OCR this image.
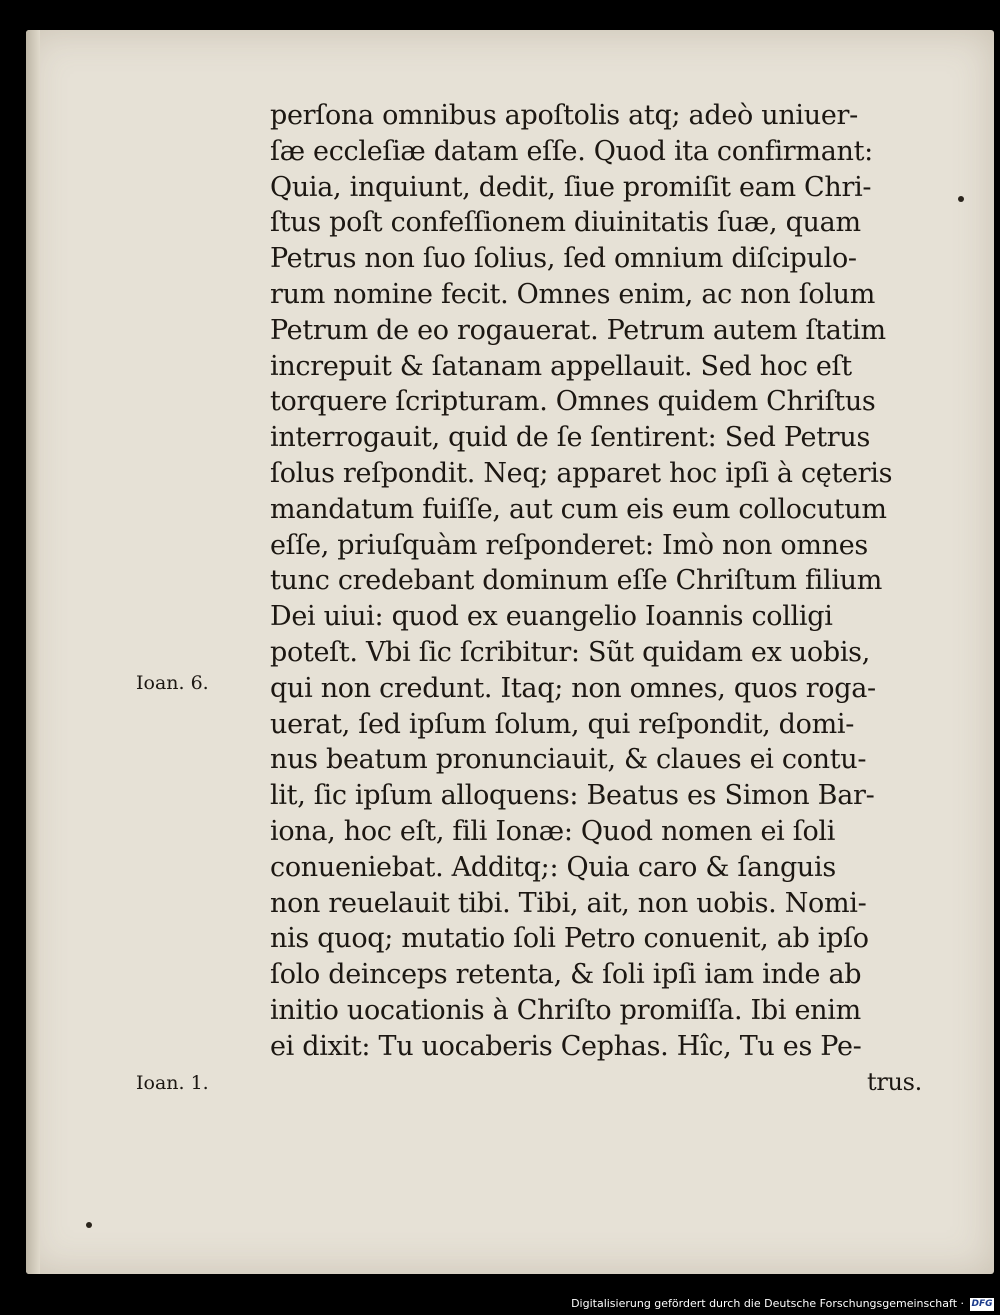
perſona omnibus apoſtolis atq; adeò uniuer-
ſæ eccleſiæ datam eſſe. Quod ita confirmant:
Quia, inquiunt, dedit, ſiue promiſit eam Chri-
ſtus poſt confeſſionem diuinitatis ſuæ, quam
Petrus non ſuo ſolius, ſed omnium diſcipulo-
rum nomine fecit. Omnes enim, ac non ſolum
Petrum de eo rogauerat. Petrum autem ſtatim
increpuit & ſatanam appellauit. Sed hoc eſt
torquere ſcripturam. Omnes quidem Chriſtus
interrogauit, quid de ſe ſentirent: Sed Petrus
ſolus reſpondit. Neq; apparet hoc ipſi à cęteris
mandatum fuiſſe, aut cum eis eum collocutum
eſſe, priuſquàm reſponderet: Imò non omnes
tunc credebant dominum eſſe Chriſtum filium
Dei uiui: quod ex euangelio Ioannis colligi
poteſt. Vbi ſic ſcribitur: Sũt quidam ex uobis,
qui non credunt. Itaq; non omnes, quos roga-
uerat, ſed ipſum ſolum, qui reſpondit, domi-
nus beatum pronunciauit, & claues ei contu-
lit, ſic ipſum alloquens: Beatus es Simon Bar-
iona, hoc eſt, fili Ionæ: Quod nomen ei ſoli
conueniebat. Additq;: Quia caro & ſanguis
non reuelauit tibi. Tibi, ait, non uobis. Nomi-
nis quoq; mutatio ſoli Petro conuenit, ab ipſo
ſolo deinceps retenta, & ſoli ipſi iam inde ab
initio uocationis à Chriſto promiſſa. Ibi enim
ei dixit: Tu uocaberis Cephas. Hîc, Tu es Pe-
trus.
Ioan. 6.
Ioan. 1.
Digitalisierung gefördert durch die Deutsche Forschungsgemeinschaft · DFG
